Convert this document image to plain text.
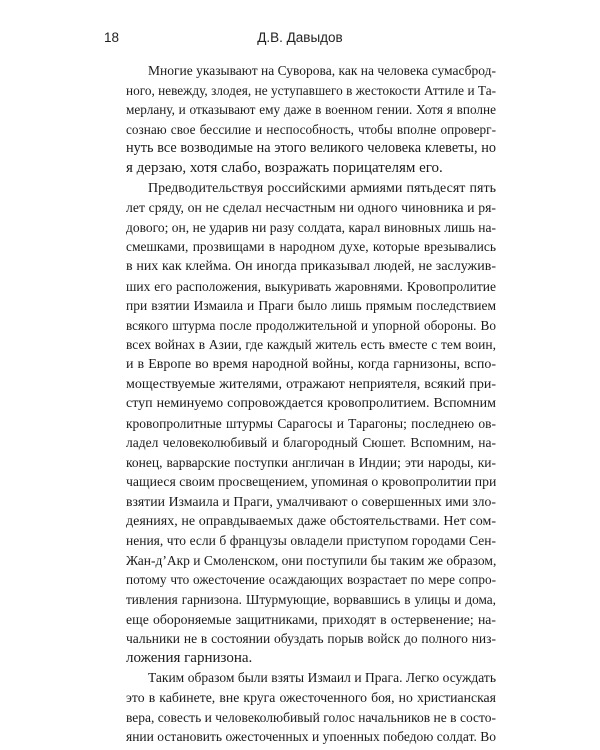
18	Д.В. Давыдов
Многие указывают на Суворова, как на человека сумасброд-
ного, невежду, злодея, не уступавшего в жестокости Аттиле и Та-
мерлану, и отказывают ему даже в военном гении. Хотя я вполне
сознаю свое бессилие и неспособность, чтобы вполне опроверг-
нуть все возводимые на этого великого человека клеветы, но
я дерзаю, хотя слабо, возражать порицателям его.
Предводительствуя российскими армиями пятьдесят пять
лет сряду, он не сделал несчастным ни одного чиновника и ря-
дового; он, не ударив ни разу солдата, карал виновных лишь на-
смешками, прозвищами в народном духе, которые врезывались
в них как клейма. Он иногда приказывал людей, не заслужив-
ших его расположения, выкуривать жаровнями. Кровопролитие
при взятии Измаила и Праги было лишь прямым последствием
всякого штурма после продолжительной и упорной обороны. Во
всех войнах в Азии, где каждый житель есть вместе с тем воин,
и в Европе во время народной войны, когда гарнизоны, вспо-
моществуемые жителями, отражают неприятеля, всякий при-
ступ неминуемо сопровождается кровопролитием. Вспомним
кровопролитные штурмы Сарагосы и Тарагоны; последнею ов-
ладел человеколюбивый и благородный Сюшет. Вспомним, на-
конец, варварские поступки англичан в Индии; эти народы, ки-
чащиеся своим просвещением, упоминая о кровопролитии при
взятии Измаила и Праги, умалчивают о совершенных ими зло-
деяниях, не оправдываемых даже обстоятельствами. Нет сом-
нения, что если б французы овладели приступом городами Сен-
Жан-д’Акр и Смоленском, они поступили бы таким же образом,
потому что ожесточение осаждающих возрастает по мере сопро-
тивления гарнизона. Штурмующие, ворвавшись в улицы и дома,
еще обороняемые защитниками, приходят в остервенение; на-
чальники не в состоянии обуздать порыв войск до полного низ-
ложения гарнизона.
Таким образом были взяты Измаил и Прага. Легко осуждать
это в кабинете, вне круга ожесточенного боя, но христианская
вера, совесть и человеколюбивый голос начальников не в состо-
янии остановить ожесточенных и упоенных победою солдат. Во
